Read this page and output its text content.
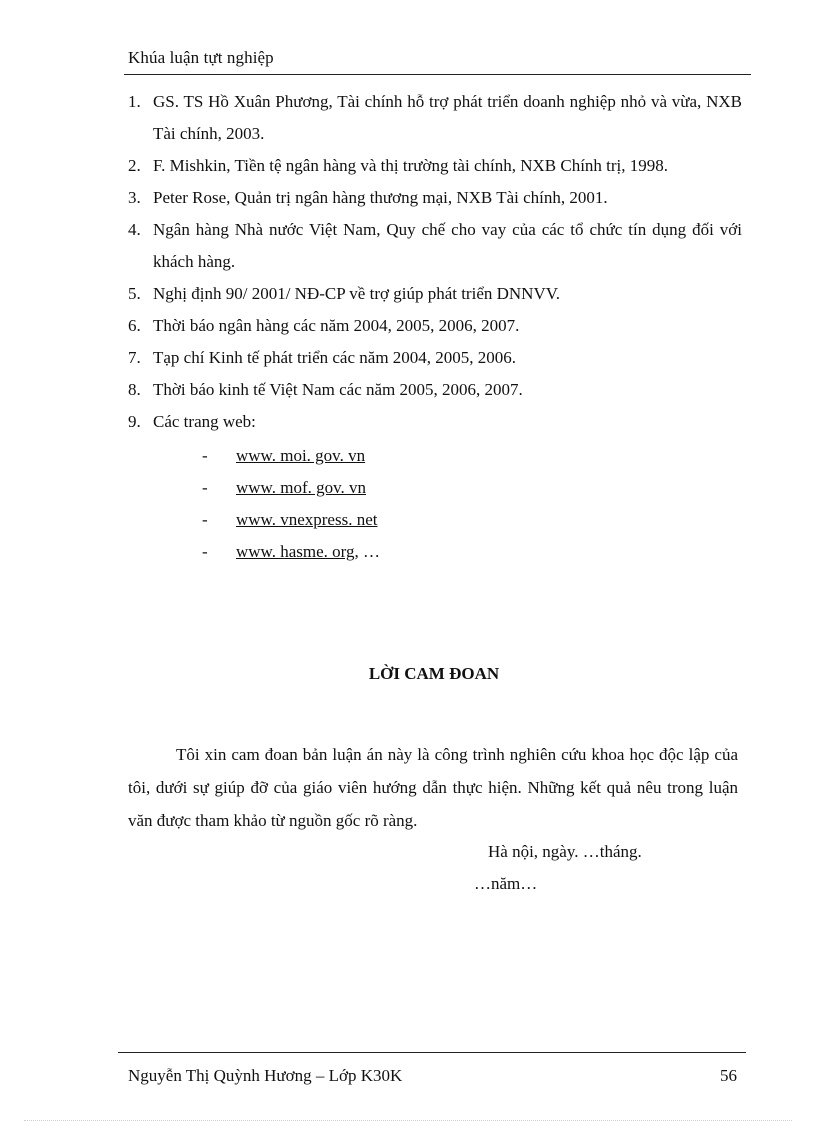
Khúa luận tựt nghiệp
1. GS. TS Hồ Xuân Phương, Tài chính hỗ trợ phát triển doanh nghiệp nhỏ và vừa, NXB Tài chính, 2003.
2. F. Mishkin, Tiền tệ ngân hàng và thị trường tài chính, NXB Chính trị, 1998.
3. Peter Rose, Quản trị ngân hàng thương mại, NXB Tài chính, 2001.
4. Ngân hàng Nhà nước Việt Nam, Quy chế cho vay của các tổ chức tín dụng đối với khách hàng.
5. Nghị định 90/ 2001/ NĐ-CP về trợ giúp phát triển DNNVV.
6. Thời báo ngân hàng các năm 2004, 2005, 2006, 2007.
7. Tạp chí Kinh tế phát triển các năm 2004, 2005, 2006.
8. Thời báo kinh tế Việt Nam các năm 2005, 2006, 2007.
9. Các trang web:
- www. moi. gov. vn
- www. mof. gov. vn
- www. vnexpress. net
- www. hasme. org, …
LỜI CAM ĐOAN

Tôi xin cam đoan bản luận án này là công trình nghiên cứu khoa học độc lập của tôi, dưới sự giúp đỡ của giáo viên hướng dẫn thực hiện. Những kết quả nêu trong luận văn được tham khảo từ nguồn gốc rõ ràng.

Hà nội, ngày. …tháng.
…năm…
Nguyễn Thị Quỳnh Hương – Lớp K30K	56
